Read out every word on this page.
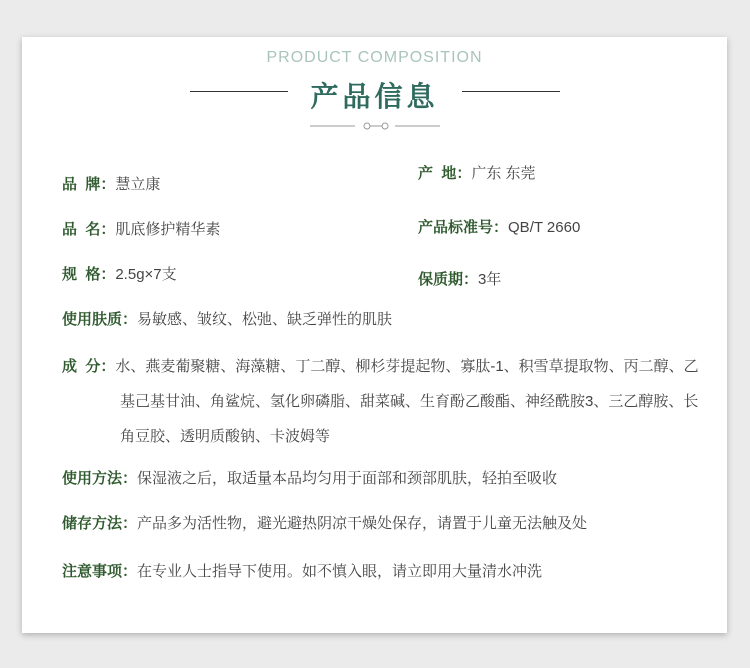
PRODUCT COMPOSITION
产品信息
品  牌：慧立康
产  地：广东 东莞
品  名：肌底修护精华素	产品标准号：QB/T 2660
规  格：2.5g×7支	保质期：3年
使用肤质：易敏感、皱纹、松弛、缺乏弹性的肌肤
成  分：水、燕麦葡聚糖、海藻糖、丁二醇、柳杉芽提起物、寡肽-1、积雪草提取物、丙二醇、乙基己基甘油、角鲨烷、氢化卵磷脂、甜菜碱、生育酚乙酸酯、神经酰胺3、三乙醇胺、长角豆胶、透明质酸钠、卡波姆等
使用方法：保湿液之后，取适量本品均匀用于面部和颈部肌肤，轻拍至吸收
储存方法：产品多为活性物，避光避热阴凉干燥处保存，请置于儿童无法触及处
注意事项：在专业人士指导下使用。如不慎入眼，请立即用大量清水冲洗
